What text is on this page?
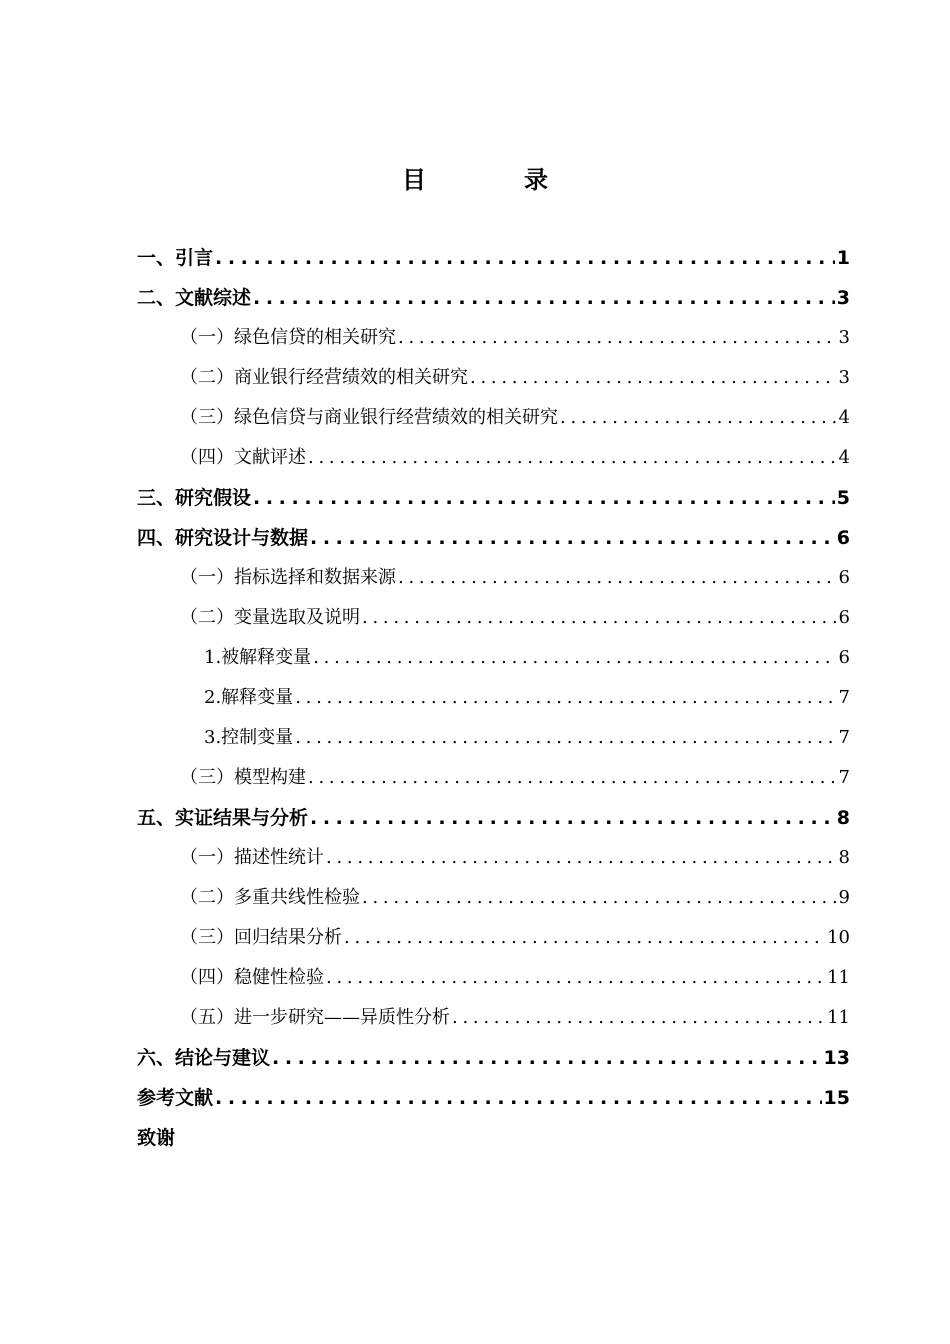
目	录
一、引言 . . .	1
二、文献综述 . . .	3
（一）绿色信贷的相关研究 . . .	3
（二）商业银行经营绩效的相关研究 . . .	3
（三）绿色信贷与商业银行经营绩效的相关研究 . . .	4
（四）文献评述 . . .	4
三、研究假设 . . .	5
四、研究设计与数据 . . .	6
（一）指标选择和数据来源 . . .	6
（二）变量选取及说明 . . .	6
1.被解释变量 . . .	6
2.解释变量 . . .	7
3.控制变量 . . .	7
（三）模型构建 . . .	7
五、实证结果与分析 . . .	8
（一）描述性统计 . . .	8
（二）多重共线性检验 . . .	9
（三）回归结果分析 . . .	10
（四）稳健性检验 . . .	11
（五）进一步研究——异质性分析 . . .	11
六、结论与建议 . . .	13
参考文献 . . .	15
致谢
